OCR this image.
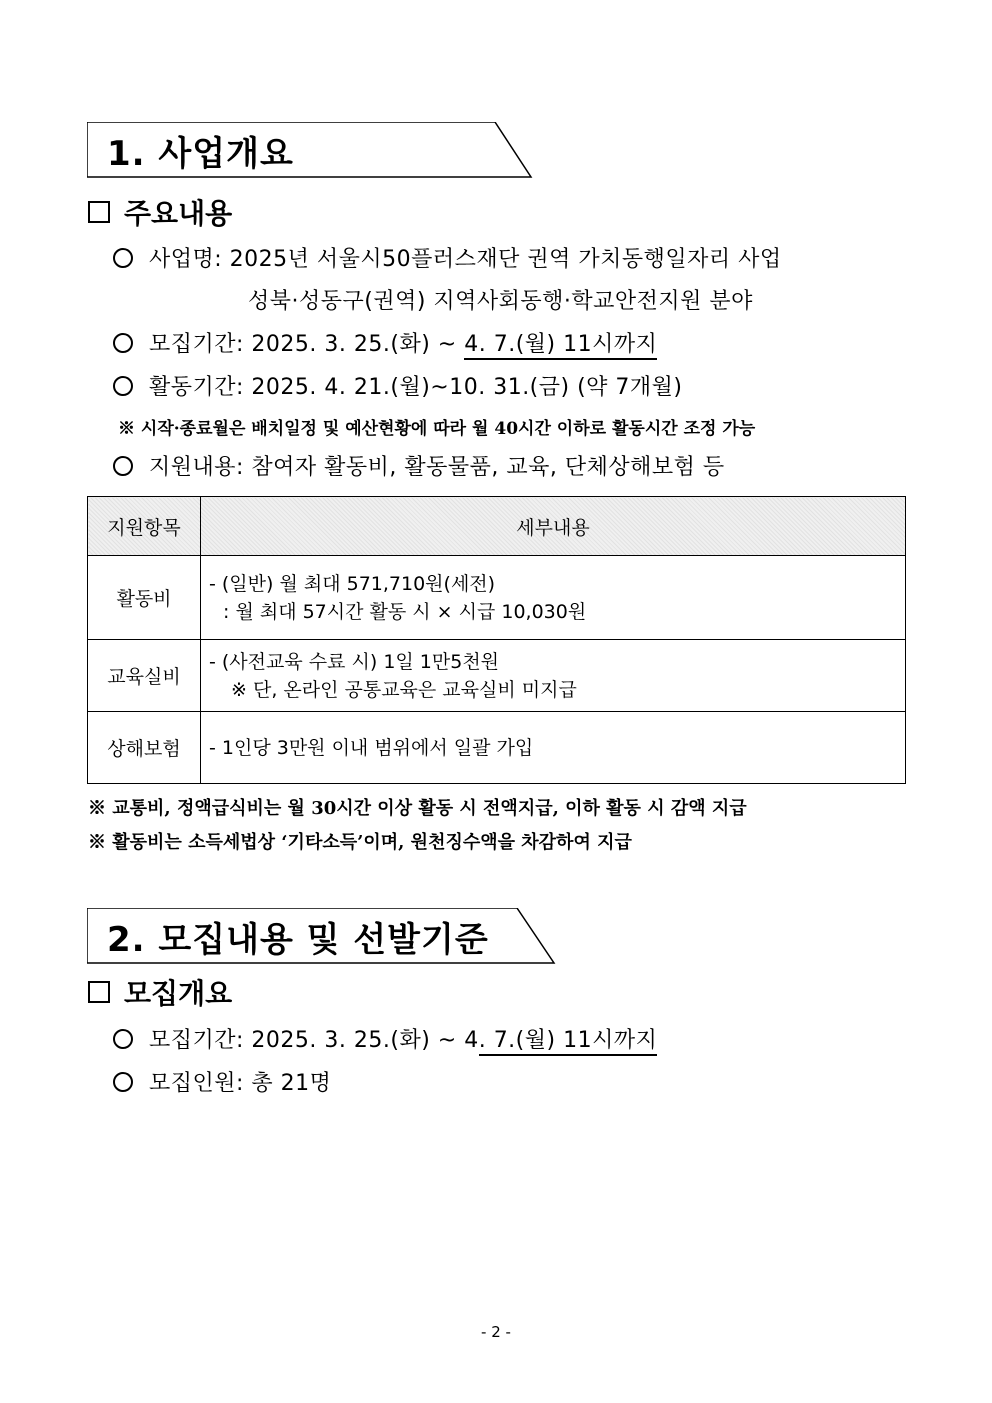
1. 사업개요
주요내용
사업명: 2025년 서울시50플러스재단 권역 가치동행일자리 사업
성북·성동구(권역) 지역사회동행·학교안전지원 분야
모집기간: 2025. 3. 25.(화) ~ 4. 7.(월) 11시까지
활동기간: 2025. 4. 21.(월)~10. 31.(금) (약 7개월)
※ 시작·종료월은 배치일정 및 예산현황에 따라 월 40시간 이하로 활동시간 조정 가능
지원내용: 참여자 활동비, 활동물품, 교육, 단체상해보험 등
지원항목	세부내용
활동비	- (일반) 월 최대 571,710원(세전)
: 월 최대 57시간 활동 시 × 시급 10,030원

교육실비	- (사전교육 수료 시) 1일 1만5천원
※ 단, 온라인 공통교육은 교육실비 미지급

상해보험	- 1인당 3만원 이내 범위에서 일괄 가입
※ 교통비, 정액급식비는 월 30시간 이상 활동 시 전액지급, 이하 활동 시 감액 지급
※ 활동비는 소득세법상 ‘기타소득’이며, 원천징수액을 차감하여 지급
2. 모집내용 및 선발기준
모집개요
모집기간: 2025. 3. 25.(화) ~ 4. 7.(월) 11시까지
모집인원: 총 21명
- 2 -
